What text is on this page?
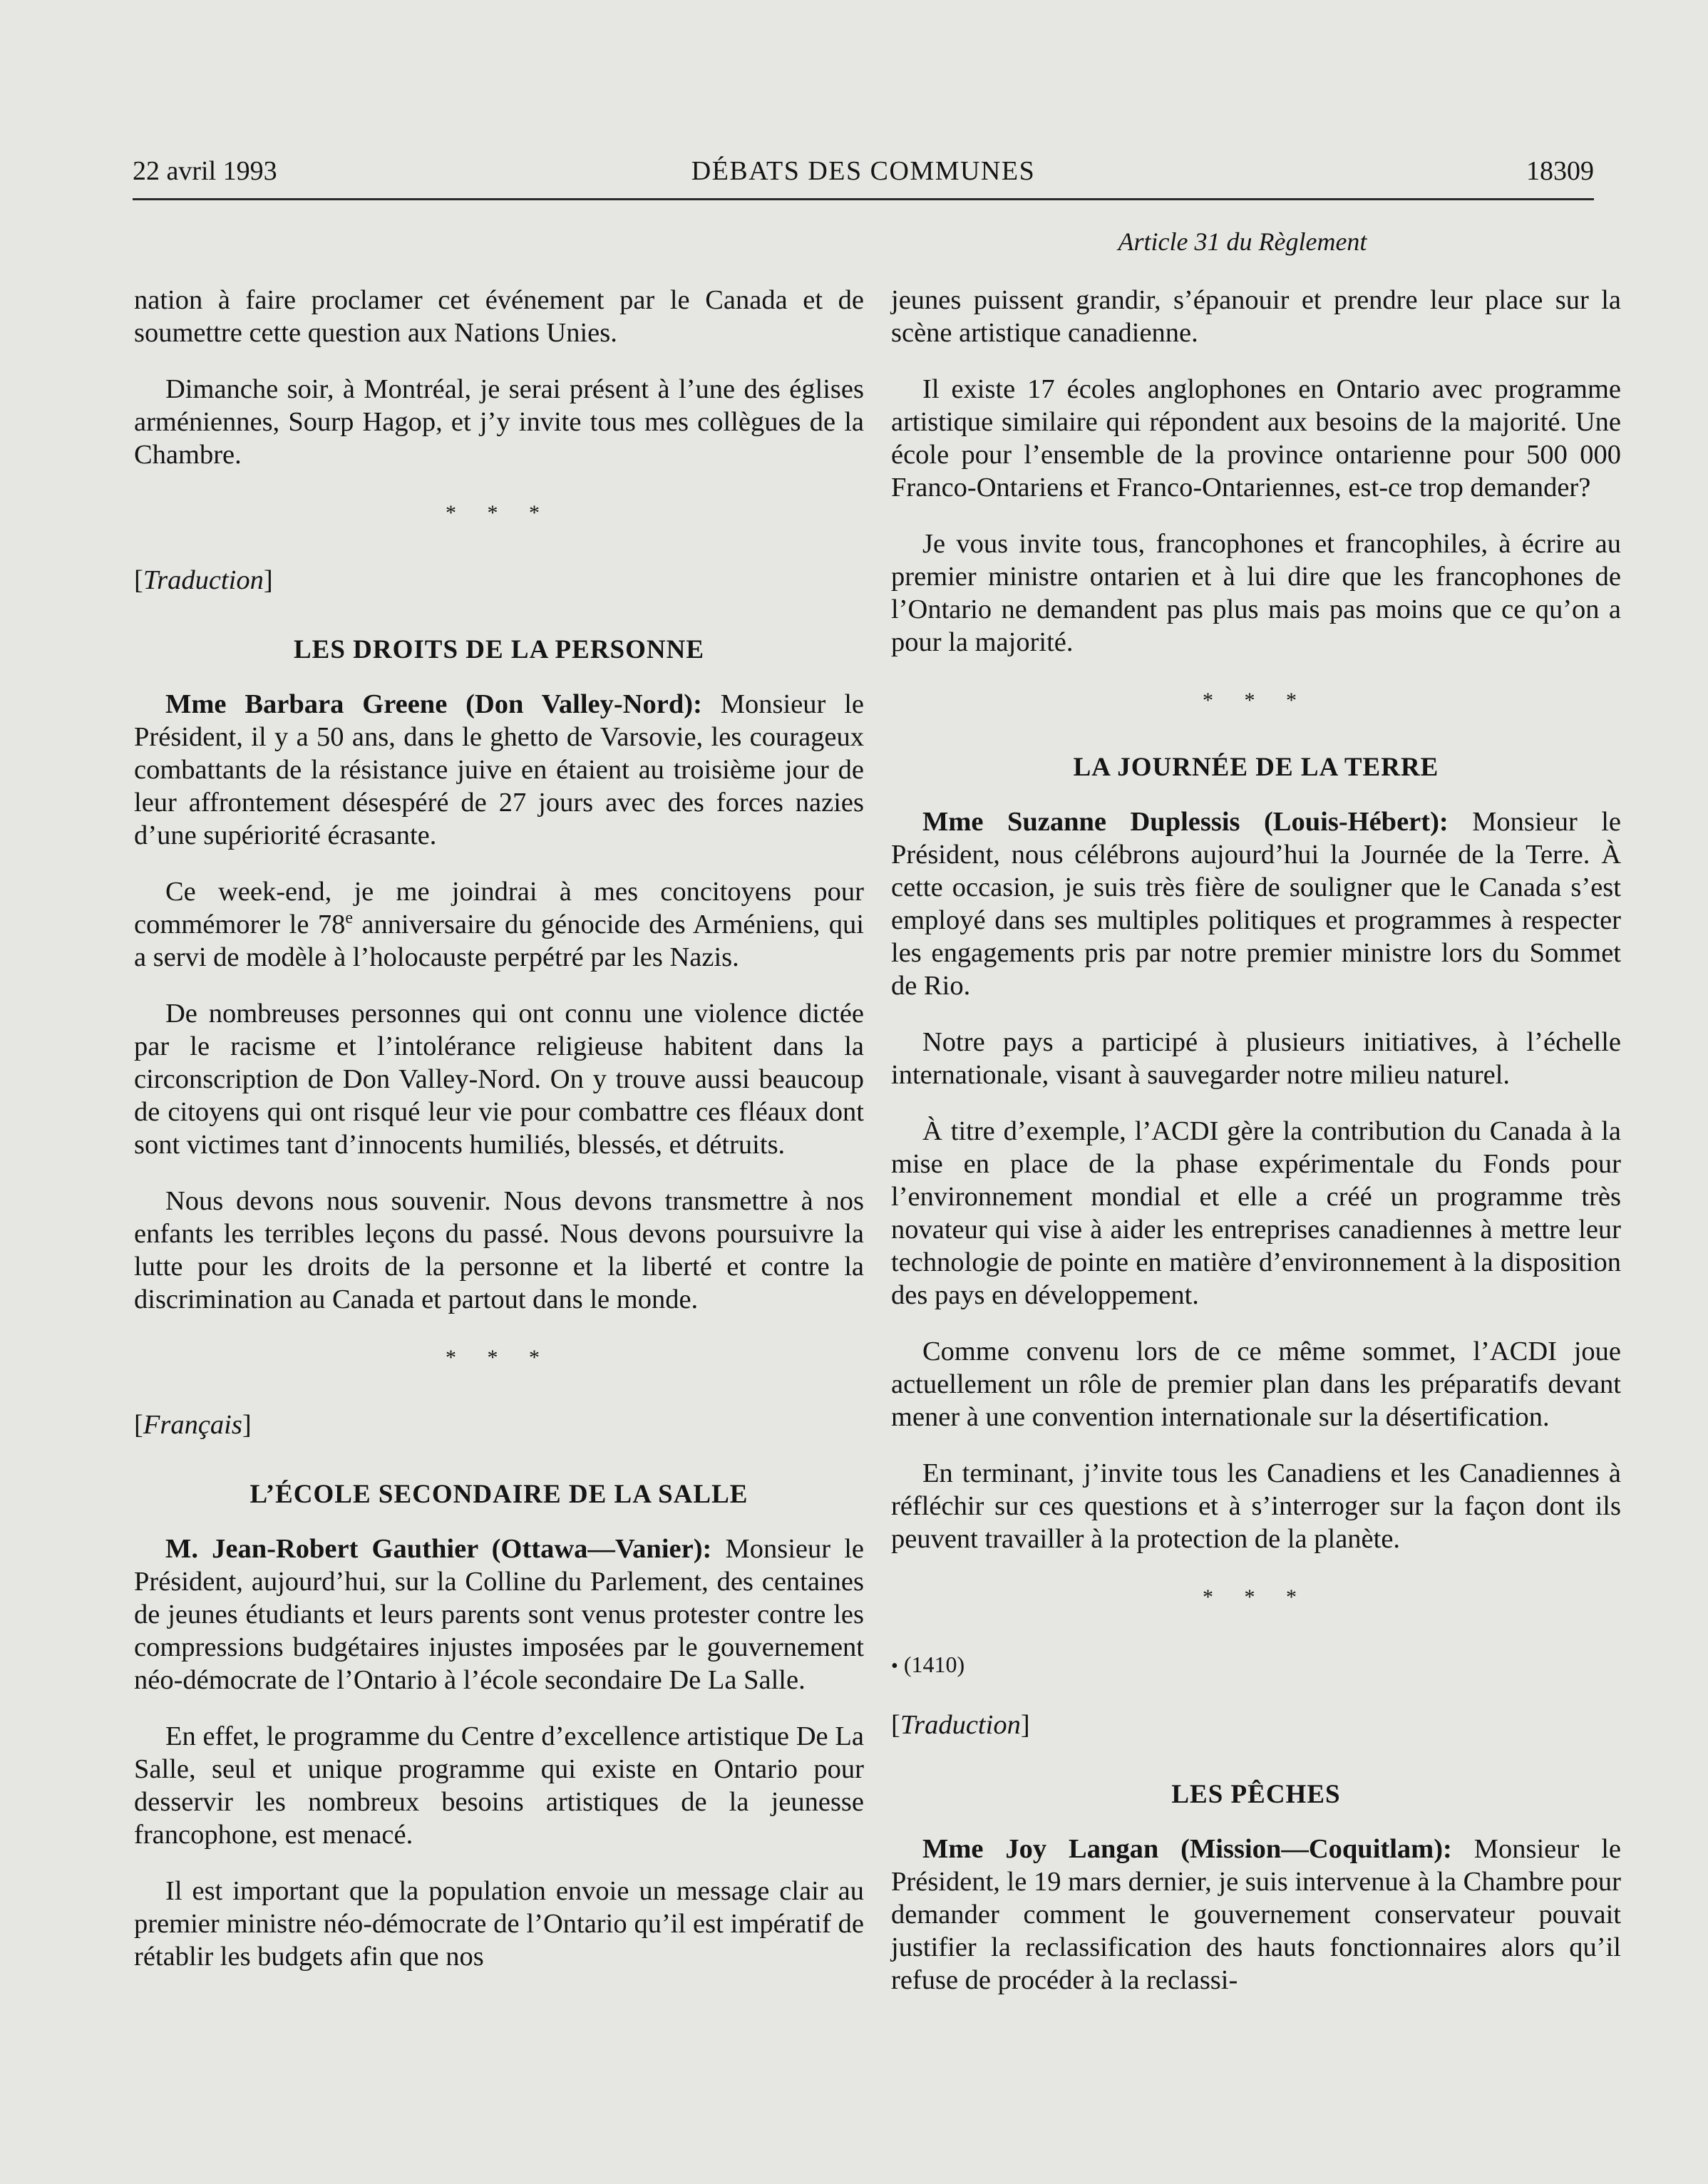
22 avril 1993	DÉBATS DES COMMUNES	18309
Article 31 du Règlement

nation à faire proclamer cet événement par le Canada et de soumettre cette question aux Nations Unies.

Dimanche soir, à Montréal, je serai présent à l’une des églises arméniennes, Sourp Hagop, et j’y invite tous mes collègues de la Chambre.

* * *
[Traduction]
LES DROITS DE LA PERSONNE

Mme Barbara Greene (Don Valley-Nord): Monsieur le Président, il y a 50 ans, dans le ghetto de Varsovie, les courageux combattants de la résistance juive en étaient au troisième jour de leur affrontement désespéré de 27 jours avec des forces nazies d’une supériorité écrasante.

Ce week-end, je me joindrai à mes concitoyens pour commémorer le 78e anniversaire du génocide des Arméniens, qui a servi de modèle à l’holocauste perpétré par les Nazis.

De nombreuses personnes qui ont connu une violence dictée par le racisme et l’intolérance religieuse habitent dans la circonscription de Don Valley-Nord. On y trouve aussi beaucoup de citoyens qui ont risqué leur vie pour combattre ces fléaux dont sont victimes tant d’innocents humiliés, blessés, et détruits.

Nous devons nous souvenir. Nous devons transmettre à nos enfants les terribles leçons du passé. Nous devons poursuivre la lutte pour les droits de la personne et la liberté et contre la discrimination au Canada et partout dans le monde.

* * *
[Français]
L’ÉCOLE SECONDAIRE DE LA SALLE

M. Jean-Robert Gauthier (Ottawa—Vanier): Monsieur le Président, aujourd’hui, sur la Colline du Parlement, des centaines de jeunes étudiants et leurs parents sont venus protester contre les compressions budgétaires injustes imposées par le gouvernement néo-démocrate de l’Ontario à l’école secondaire De La Salle.

En effet, le programme du Centre d’excellence artistique De La Salle, seul et unique programme qui existe en Ontario pour desservir les nombreux besoins artistiques de la jeunesse francophone, est menacé.

Il est important que la population envoie un message clair au premier ministre néo-démocrate de l’Ontario qu’il est impératif de rétablir les budgets afin que nos

jeunes puissent grandir, s’épanouir et prendre leur place sur la scène artistique canadienne.

Il existe 17 écoles anglophones en Ontario avec programme artistique similaire qui répondent aux besoins de la majorité. Une école pour l’ensemble de la province ontarienne pour 500 000 Franco-Ontariens et Franco-Ontariennes, est-ce trop demander?

Je vous invite tous, francophones et francophiles, à écrire au premier ministre ontarien et à lui dire que les francophones de l’Ontario ne demandent pas plus mais pas moins que ce qu’on a pour la majorité.

* * *
LA JOURNÉE DE LA TERRE

Mme Suzanne Duplessis (Louis-Hébert): Monsieur le Président, nous célébrons aujourd’hui la Journée de la Terre. À cette occasion, je suis très fière de souligner que le Canada s’est employé dans ses multiples politiques et programmes à respecter les engagements pris par notre premier ministre lors du Sommet de Rio.

Notre pays a participé à plusieurs initiatives, à l’échelle internationale, visant à sauvegarder notre milieu naturel.

À titre d’exemple, l’ACDI gère la contribution du Canada à la mise en place de la phase expérimentale du Fonds pour l’environnement mondial et elle a créé un programme très novateur qui vise à aider les entreprises canadiennes à mettre leur technologie de pointe en matière d’environnement à la disposition des pays en développement.

Comme convenu lors de ce même sommet, l’ACDI joue actuellement un rôle de premier plan dans les préparatifs devant mener à une convention internationale sur la désertification.

En terminant, j’invite tous les Canadiens et les Canadiennes à réfléchir sur ces questions et à s’interroger sur la façon dont ils peuvent travailler à la protection de la planète.

* * *
• (1410)
[Traduction]
LES PÊCHES

Mme Joy Langan (Mission—Coquitlam): Monsieur le Président, le 19 mars dernier, je suis intervenue à la Chambre pour demander comment le gouvernement conservateur pouvait justifier la reclassification des hauts fonctionnaires alors qu’il refuse de procéder à la reclassi-
